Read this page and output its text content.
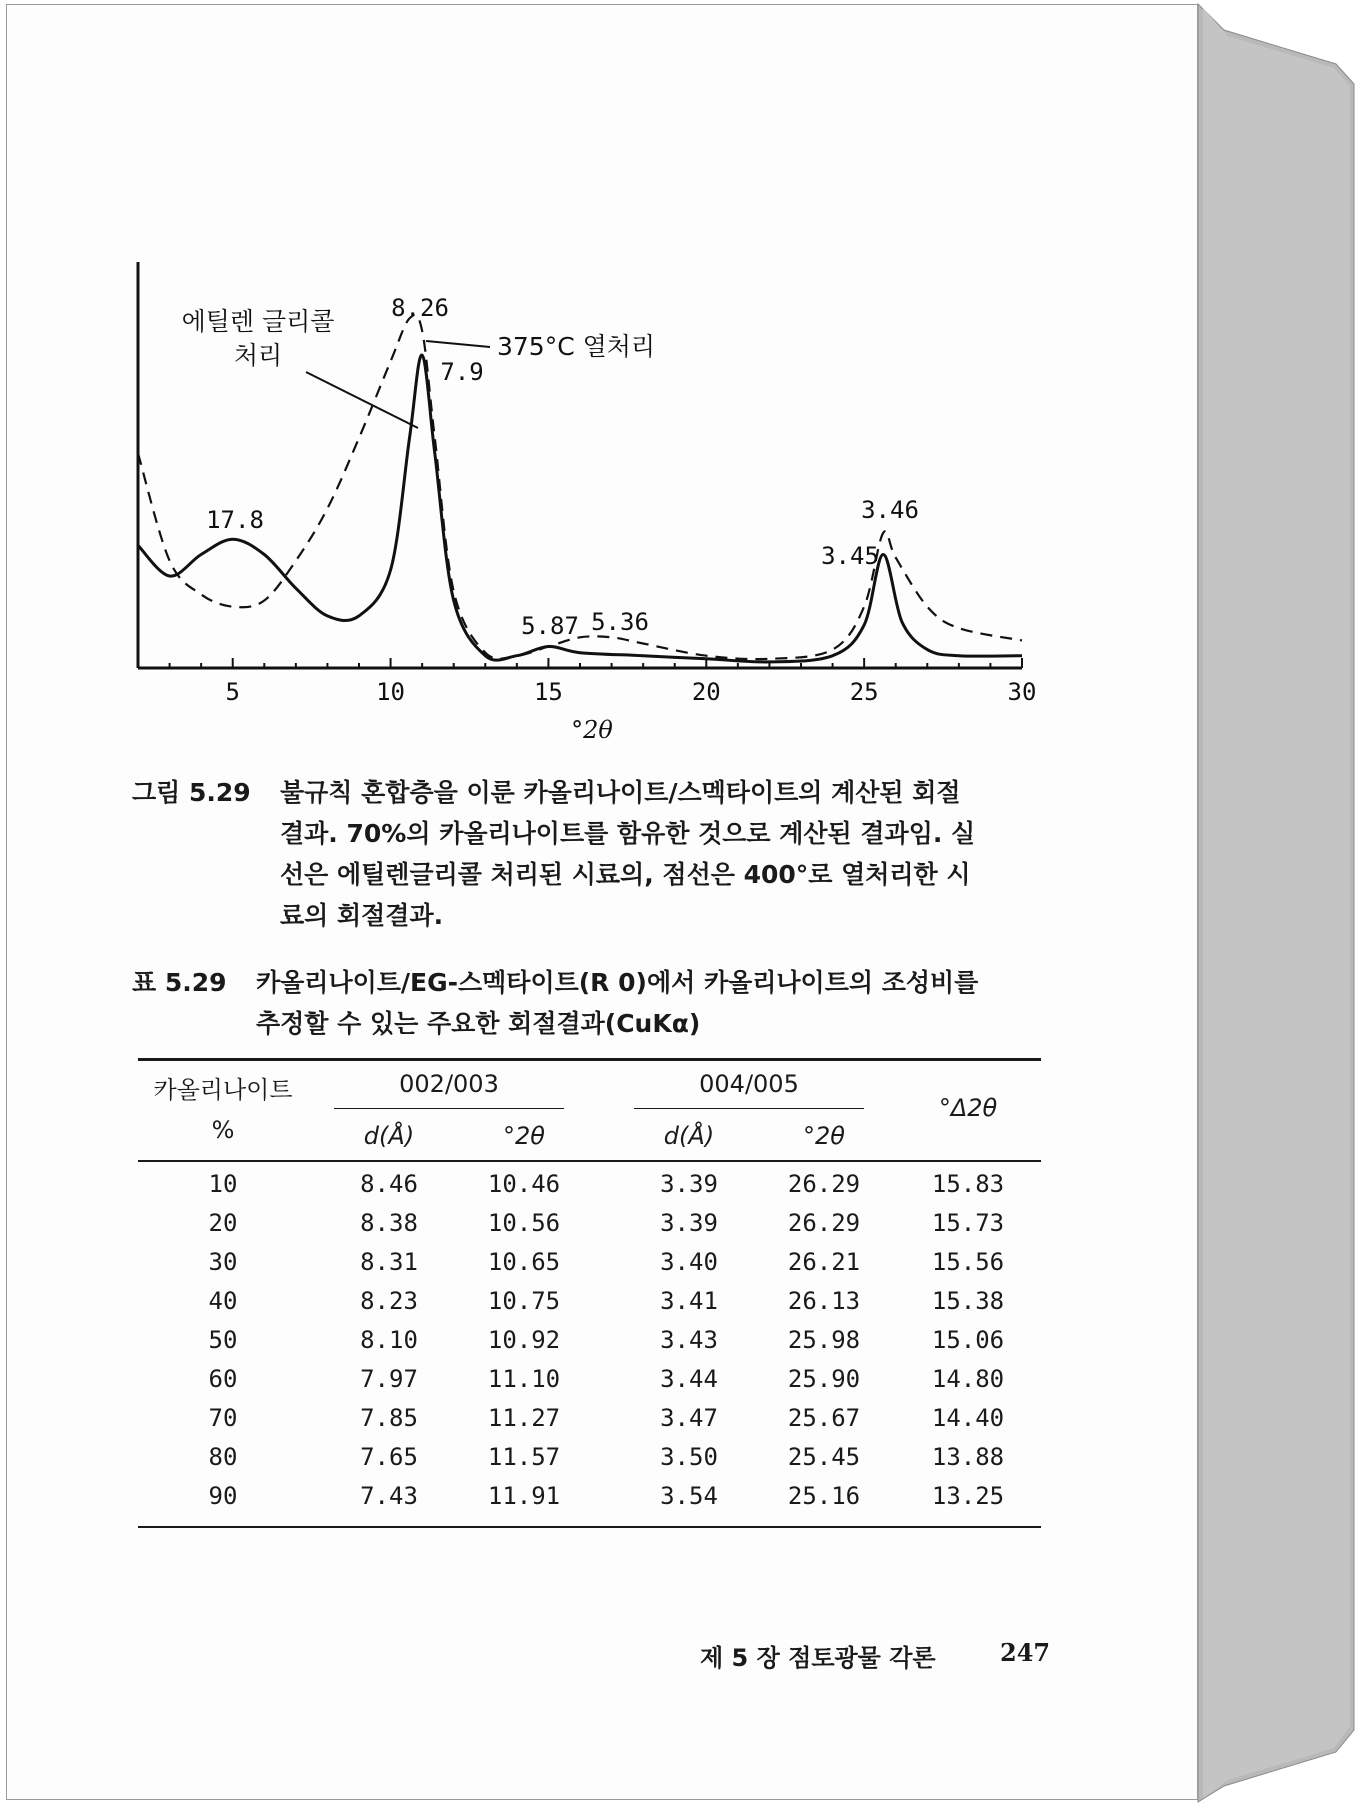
5	10	15	20	25	30
°2θ
8.26
7.9
17.8
5.87 5.36
3.46
3.45
에틸렌 글리콜
처리	375°C 열처리
그림 5.29 불규칙 혼합층을 이룬 카올리나이트/스멕타이트의 계산된 회절
결과. 70%의 카올리나이트를 함유한 것으로 계산된 결과임. 실
선은 에틸렌글리콜 처리된 시료의, 점선은 400°로 열처리한 시
료의 회절결과.
표 5.29 카올리나이트/EG-스멕타이트(R 0)에서 카올리나이트의 조성비를
추정할 수 있는 주요한 회절결과(CuKα)
카올리나이트
%
002/003	004/005
°Δ2θ
d(Å)	°2θ	d(Å)	°2θ
10	8.46	10.46	3.39	26.29	15.83
20	8.38	10.56	3.39	26.29	15.73
30	8.31	10.65	3.40	26.21	15.56
40	8.23	10.75	3.41	26.13	15.38
50	8.10	10.92	3.43	25.98	15.06
60	7.97	11.10	3.44	25.90	14.80
70	7.85	11.27	3.47	25.67	14.40
80	7.65	11.57	3.50	25.45	13.88
90	7.43	11.91	3.54	25.16	13.25
제 5 장 점토광물 각론	247
